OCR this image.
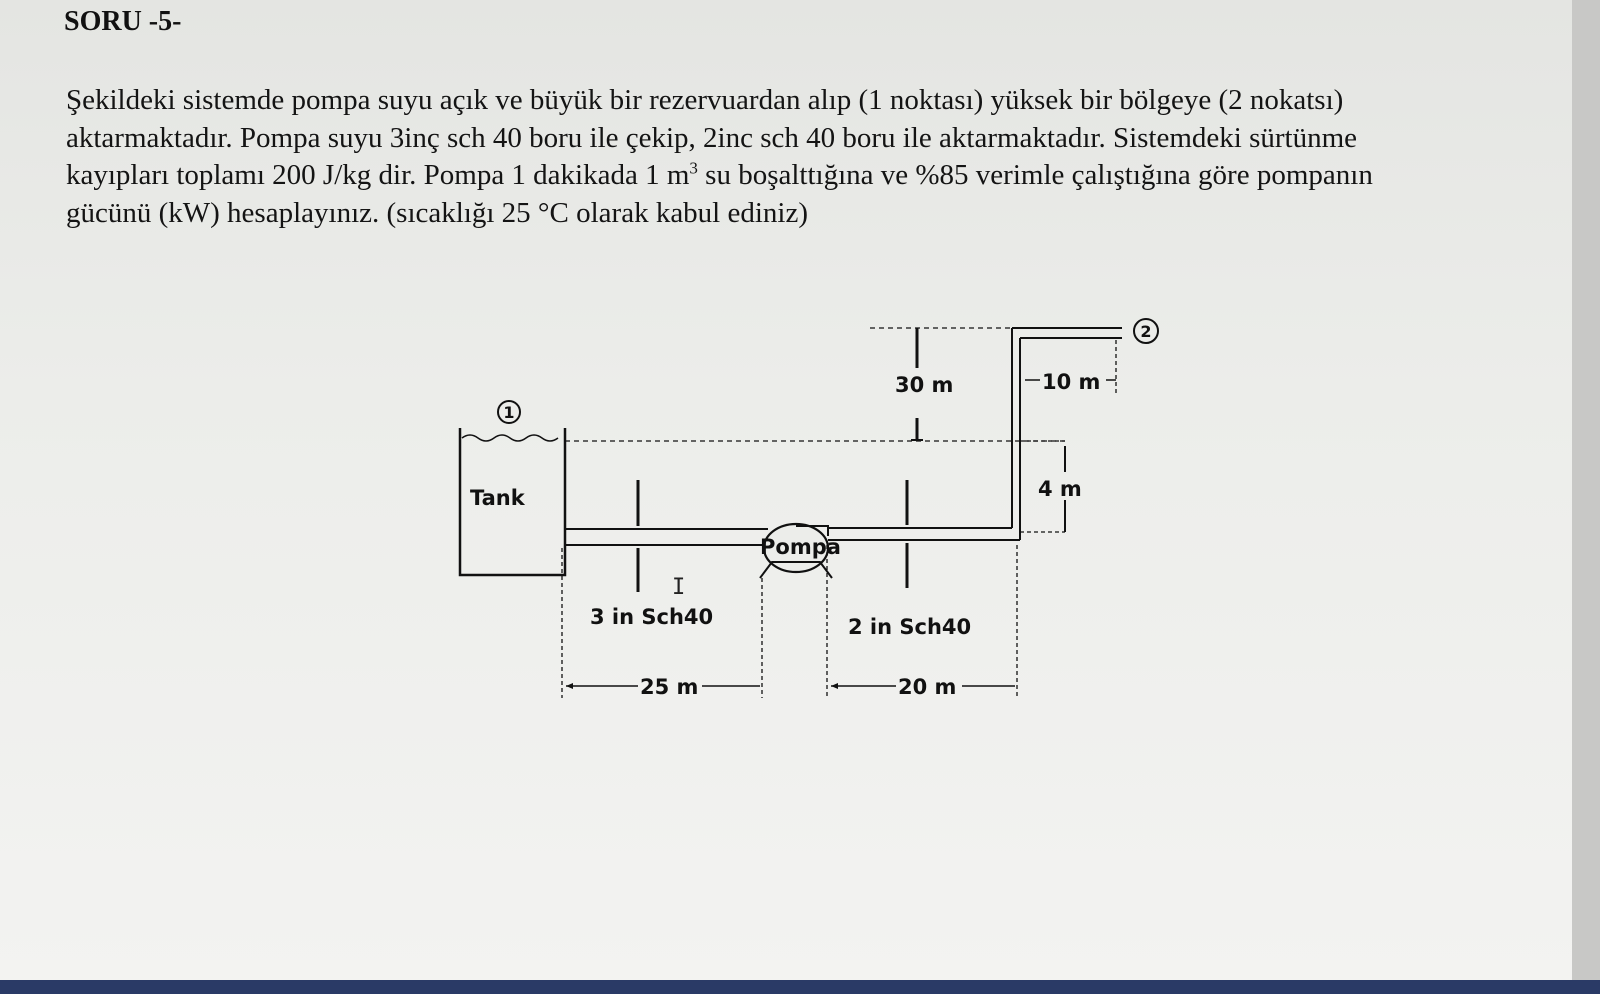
SORU -5-

Şekildeki sistemde pompa suyu açık ve büyük bir rezervuardan alıp (1 noktası) yüksek bir bölgeye (2 nokatsı)
aktarmaktadır. Pompa suyu 3inç sch 40 boru ile çekip, 2inc sch 40 boru ile aktarmaktadır. Sistemdeki sürtünme
kayıpları toplamı 200 J/kg dir. Pompa 1 dakikada 1 $m^3$ su boşalttığına ve %85 verimle çalıştığına göre pompanın
gücünü (kW) hesaplayınız. (sıcaklığı 25 °C olarak kabul ediniz)

Tank
1
Pompa
2
30 m	10 m
4 m
I
3 in Sch40	2 in Sch40
25 m	20 m
